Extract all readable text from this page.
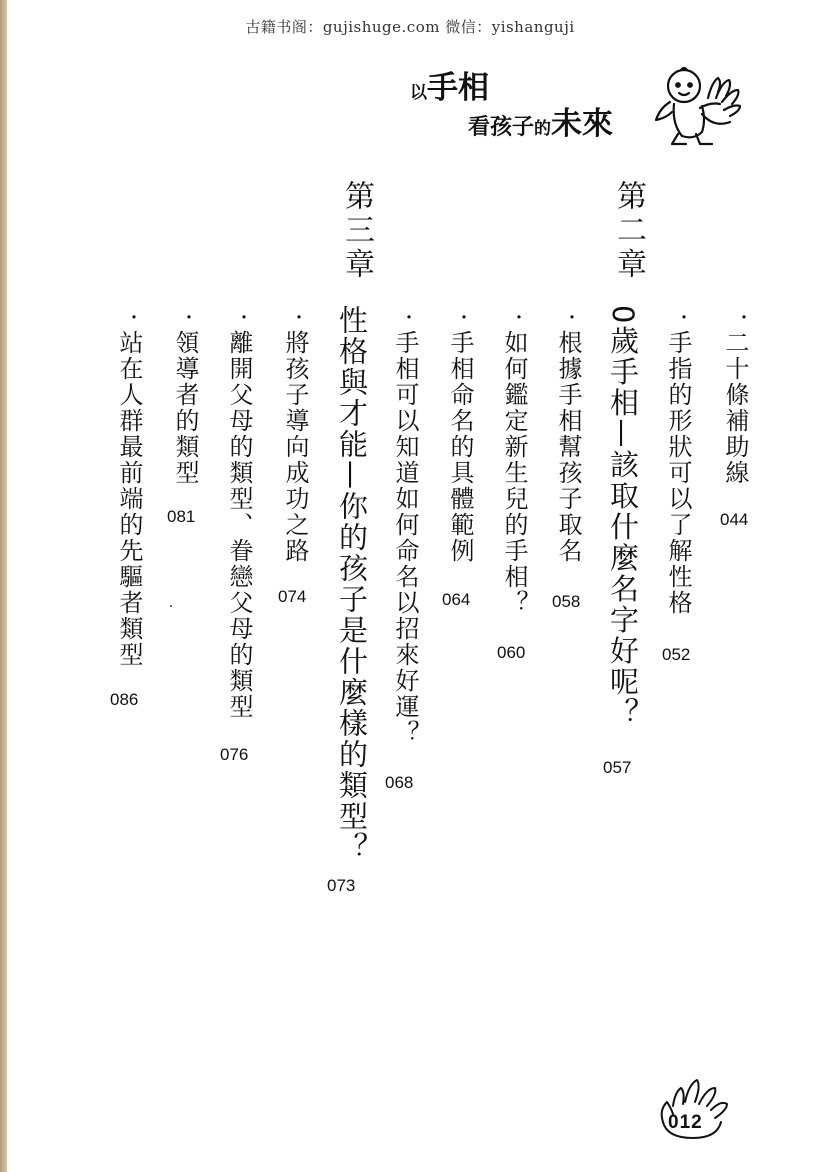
古籍书阁：gujishuge.com 微信：yishanguji
以手相
看孩子的未來
・
二十條補助線
044
・
手指的形狀可以了解性格
052
第二章
0歲手相—該取什麼名字好呢？
057
・
根據手相幫孩子取名
058
・
如何鑑定新生兒的手相？
060
・
手相命名的具體範例
064
・
手相可以知道如何命名以招來好運？
068
第三章
性格與才能—你的孩子是什麼樣的類型？
073
・
將孩子導向成功之路
074
・
離開父母的類型、眷戀父母的類型
076
・
領導者的類型
081
・
站在人群最前端的先驅者類型
086
012
